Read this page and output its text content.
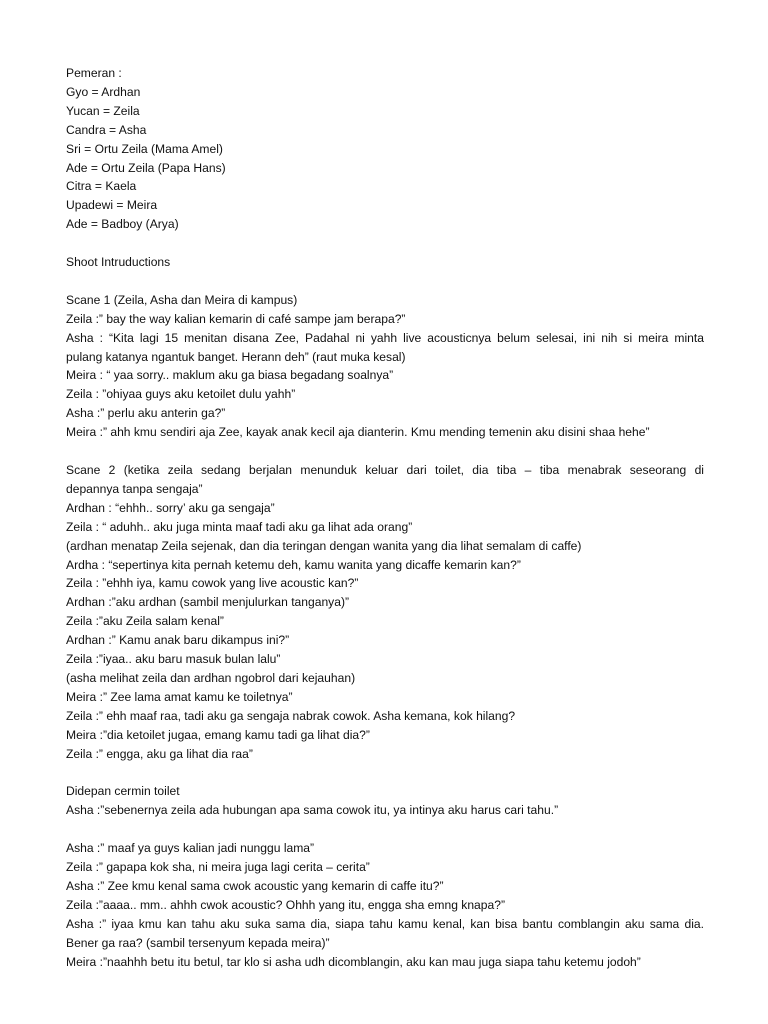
Pemeran :
Gyo = Ardhan
Yucan = Zeila
Candra = Asha
Sri = Ortu Zeila (Mama Amel)
Ade = Ortu Zeila (Papa Hans)
Citra = Kaela
Upadewi = Meira
Ade = Badboy (Arya)
Shoot Intruductions
Scane 1 (Zeila, Asha dan Meira di kampus)
Zeila :” bay the way kalian kemarin di café sampe jam berapa?”
Asha : “Kita lagi 15 menitan disana Zee, Padahal ni yahh live acousticnya belum selesai, ini nih si meira minta
pulang katanya ngantuk banget. Herann deh” (raut muka kesal)
Meira : “ yaa sorry.. maklum aku ga biasa begadang soalnya”
Zeila : ”ohiyaa guys aku ketoilet dulu yahh”
Asha :” perlu aku anterin ga?”
Meira :” ahh kmu sendiri aja Zee, kayak anak kecil aja dianterin. Kmu mending temenin aku disini shaa hehe”
Scane 2 (ketika zeila sedang berjalan menunduk keluar dari toilet, dia tiba – tiba menabrak seseorang di
depannya tanpa sengaja”
Ardhan : “ehhh.. sorry’ aku ga sengaja”
Zeila : “ aduhh.. aku juga minta maaf tadi aku ga lihat ada orang”
(ardhan menatap Zeila sejenak, dan dia teringan dengan wanita yang dia lihat semalam di caffe)
Ardha : “sepertinya kita pernah ketemu deh, kamu wanita yang dicaffe kemarin kan?”
Zeila : ”ehhh iya, kamu cowok yang live acoustic kan?”
Ardhan :”aku ardhan (sambil menjulurkan tanganya)”
Zeila :”aku Zeila salam kenal”
Ardhan :” Kamu anak baru dikampus ini?”
Zeila :”iyaa.. aku baru masuk bulan lalu”
(asha melihat zeila dan ardhan ngobrol dari kejauhan)
Meira :” Zee lama amat kamu ke toiletnya”
Zeila :” ehh maaf raa, tadi aku ga sengaja nabrak cowok. Asha kemana, kok hilang?
Meira :”dia ketoilet jugaa, emang kamu tadi ga lihat dia?”
Zeila :” engga, aku ga lihat dia raa”
Didepan cermin toilet
Asha :”sebenernya zeila ada hubungan apa sama cowok itu, ya intinya aku harus cari tahu.”
Asha :” maaf ya guys kalian jadi nunggu lama”
Zeila :” gapapa kok sha, ni meira juga lagi cerita – cerita”
Asha :” Zee kmu kenal sama cwok acoustic yang kemarin di caffe itu?”
Zeila :”aaaa.. mm.. ahhh cwok acoustic? Ohhh yang itu, engga sha emng knapa?”
Asha :” iyaa kmu kan tahu aku suka sama dia, siapa tahu kamu kenal, kan bisa bantu comblangin aku sama dia.
Bener ga raa? (sambil tersenyum kepada meira)”
Meira :”naahhh betu itu betul, tar klo si asha udh dicomblangin, aku kan mau juga siapa tahu ketemu jodoh”
